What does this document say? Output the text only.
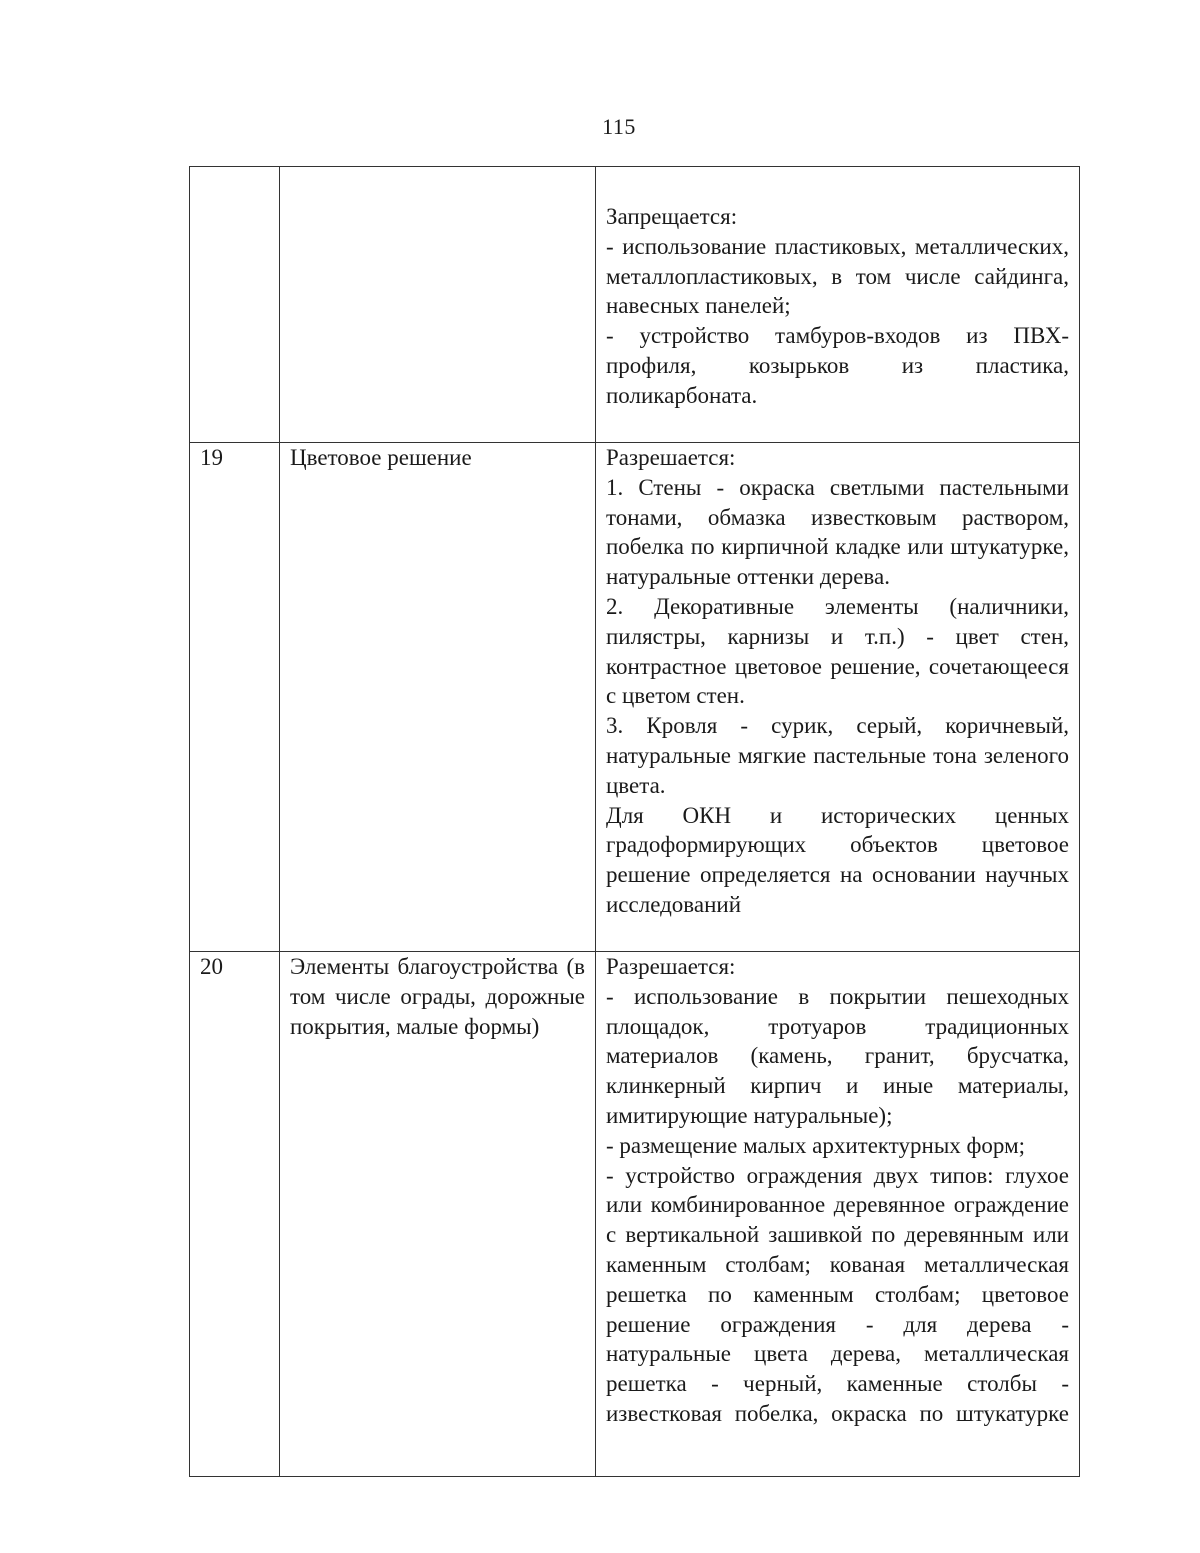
115

		Запрещается:

- использование пластиковых, металлических, металлопластиковых, в том числе сайдинга, навесных панелей;

- устройство тамбуров-входов из ПВХ-профиля, козырьков из пластика, поликарбоната.

19	Цветовое решение	Разрешается:

1. Стены - окраска светлыми пастельными тонами, обмазка известковым раствором, побелка по кирпичной кладке или штукатурке, натуральные оттенки дерева.

2. Декоративные элементы (наличники, пилястры, карнизы и т.п.) - цвет стен, контрастное цветовое решение, сочетающееся с цветом стен.

3. Кровля - сурик, серый, коричневый, натуральные мягкие пастельные тона зеленого цвета.

Для ОКН и исторических ценных градоформирующих объектов цветовое решение определяется на основании научных исследований

20	Элементы благоустройства (в том числе ограды, дорожные покрытия, малые формы)	Разрешается:

- использование в покрытии пешеходных площадок, тротуаров традиционных материалов (камень, гранит, брусчатка, клинкерный кирпич и иные материалы, имитирующие натуральные);

- размещение малых архитектурных форм;

- устройство ограждения двух типов: глухое или комбинированное деревянное ограждение с вертикальной зашивкой по деревянным или каменным столбам; кованая металлическая решетка по каменным столбам; цветовое решение ограждения - для дерева - натуральные цвета дерева, металлическая решетка - черный, каменные столбы - известковая побелка, окраска по штукатурке
